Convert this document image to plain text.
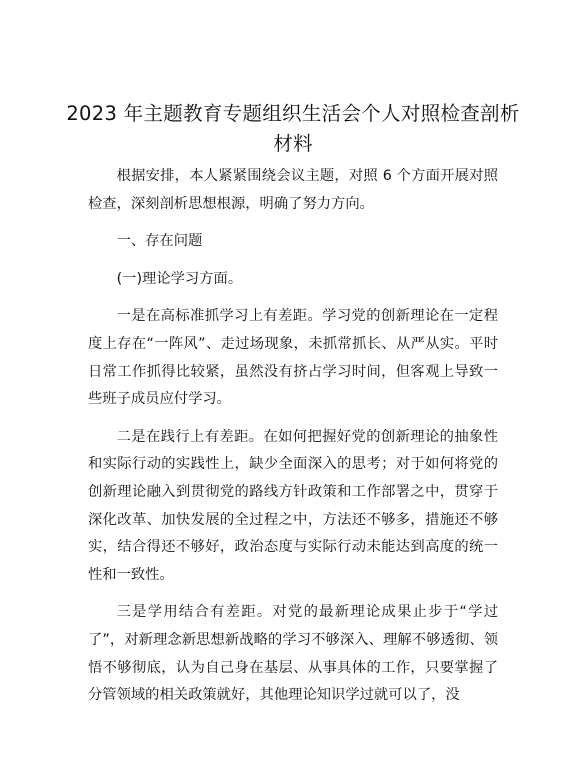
2023 年主题教育专题组织生活会个人对照检查剖析材料

根据安排，本人紧紧围绕会议主题，对照 6 个方面开展对照检查，深刻剖析思想根源，明确了努力方向。

一、存在问题

(一)理论学习方面。

一是在高标准抓学习上有差距。学习党的创新理论在一定程度上存在“一阵风”、走过场现象，未抓常抓长、从严从实。平时日常工作抓得比较紧，虽然没有挤占学习时间，但客观上导致一些班子成员应付学习。

二是在践行上有差距。在如何把握好党的创新理论的抽象性和实际行动的实践性上，缺少全面深入的思考；对于如何将党的创新理论融入到贯彻党的路线方针政策和工作部署之中，贯穿于深化改革、加快发展的全过程之中，方法还不够多，措施还不够实，结合得还不够好，政治态度与实际行动未能达到高度的统一性和一致性。

三是学用结合有差距。对党的最新理论成果止步于“学过了”，对新理念新思想新战略的学习不够深入、理解不够透彻、领悟不够彻底，认为自己身在基层、从事具体的工作，只要掌握了分管领域的相关政策就好，其他理论知识学过就可以了，没
